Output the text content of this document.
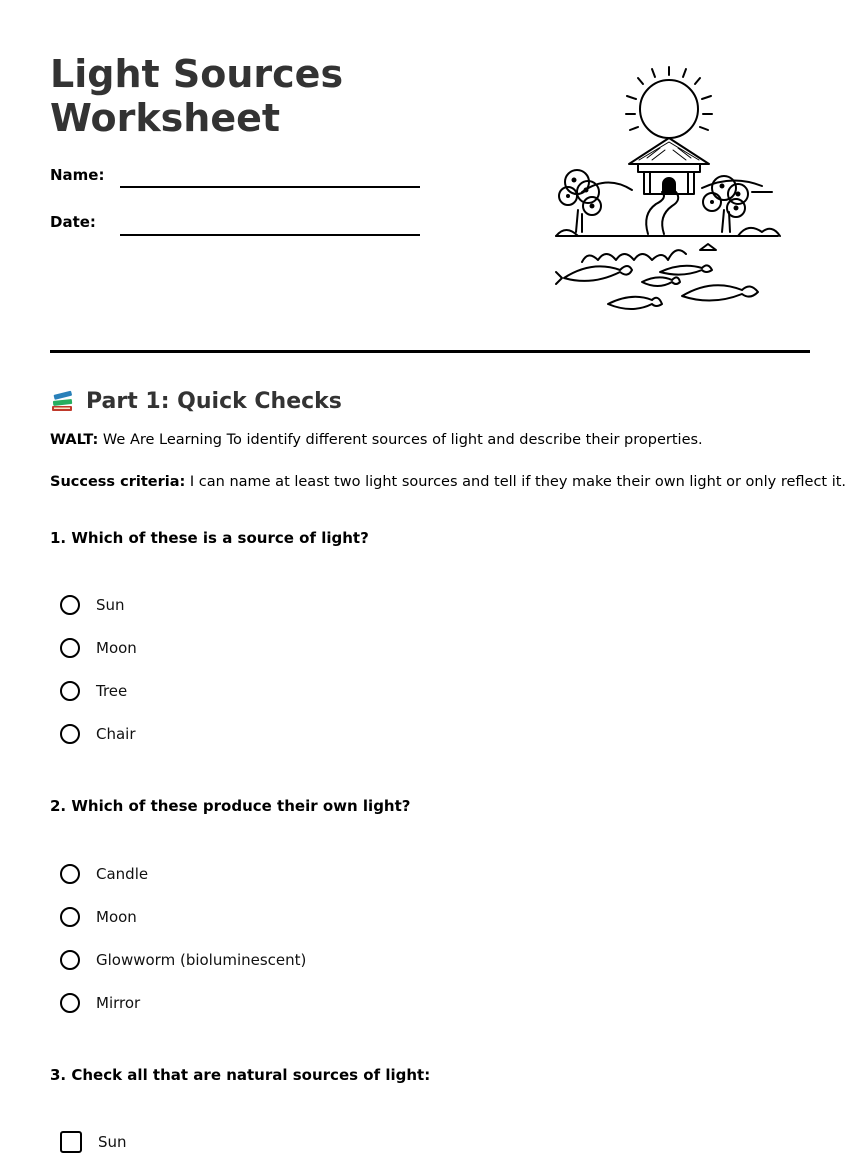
Light Sources Worksheet
Name:
Date:
Part 1: Quick Checks

WALT: We Are Learning To identify different sources of light and describe their properties.

Success criteria: I can name at least two light sources and tell if they make their own light or only reflect it.

1. Which of these is a source of light?
Sun
Moon
Tree
Chair
2. Which of these produce their own light?
Candle
Moon
Glowworm (bioluminescent)
Mirror
3. Check all that are natural sources of light:
Sun
